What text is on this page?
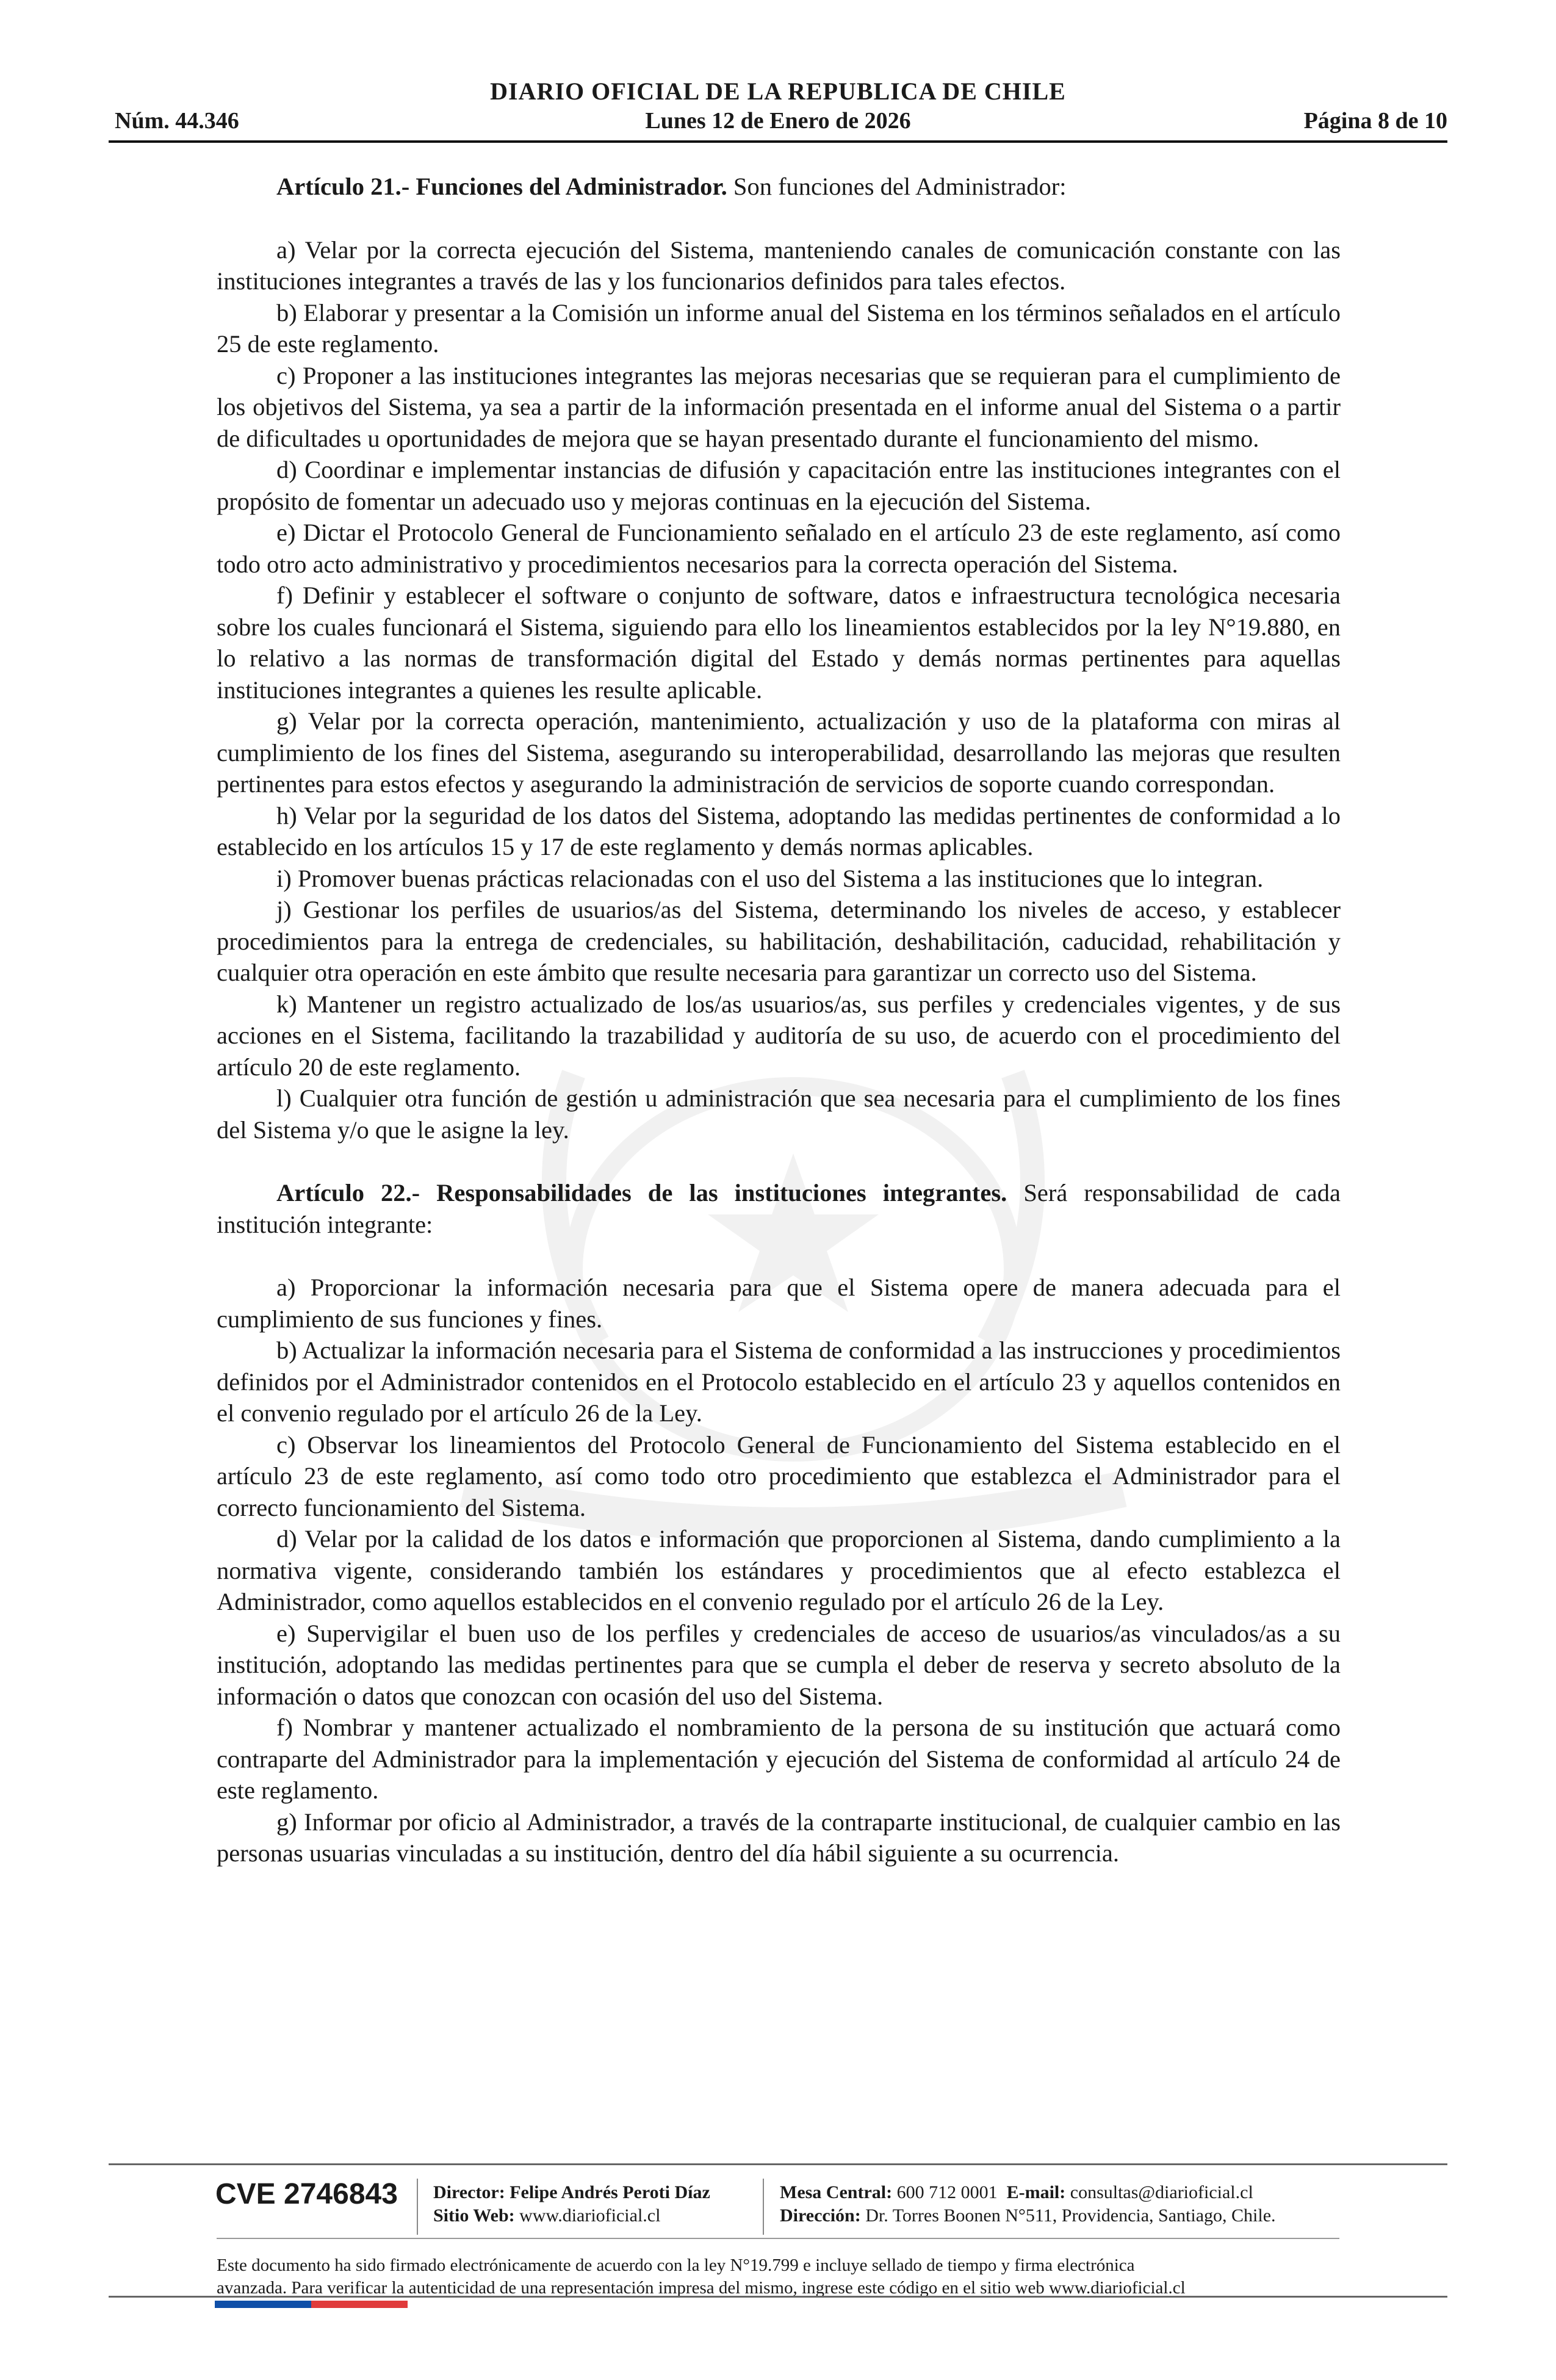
DIARIO OFICIAL DE LA REPUBLICA DE CHILE
Núm. 44.346	Lunes 12 de Enero de 2026	Página 8 de 10

Artículo 21.- Funciones del Administrador. Son funciones del Administrador:

a) Velar por la correcta ejecución del Sistema, manteniendo canales de comunicación constante con las instituciones integrantes a través de las y los funcionarios definidos para tales efectos.

b) Elaborar y presentar a la Comisión un informe anual del Sistema en los términos señalados en el artículo 25 de este reglamento.

c) Proponer a las instituciones integrantes las mejoras necesarias que se requieran para el cumplimiento de los objetivos del Sistema, ya sea a partir de la información presentada en el informe anual del Sistema o a partir de dificultades u oportunidades de mejora que se hayan presentado durante el funcionamiento del mismo.

d) Coordinar e implementar instancias de difusión y capacitación entre las instituciones integrantes con el propósito de fomentar un adecuado uso y mejoras continuas en la ejecución del Sistema.

e) Dictar el Protocolo General de Funcionamiento señalado en el artículo 23 de este reglamento, así como todo otro acto administrativo y procedimientos necesarios para la correcta operación del Sistema.

f) Definir y establecer el software o conjunto de software, datos e infraestructura tecnológica necesaria sobre los cuales funcionará el Sistema, siguiendo para ello los lineamientos establecidos por la ley N°19.880, en lo relativo a las normas de transformación digital del Estado y demás normas pertinentes para aquellas instituciones integrantes a quienes les resulte aplicable.

g) Velar por la correcta operación, mantenimiento, actualización y uso de la plataforma con miras al cumplimiento de los fines del Sistema, asegurando su interoperabilidad, desarrollando las mejoras que resulten pertinentes para estos efectos y asegurando la administración de servicios de soporte cuando correspondan.

h) Velar por la seguridad de los datos del Sistema, adoptando las medidas pertinentes de conformidad a lo establecido en los artículos 15 y 17 de este reglamento y demás normas aplicables.

i) Promover buenas prácticas relacionadas con el uso del Sistema a las instituciones que lo integran.

j) Gestionar los perfiles de usuarios/as del Sistema, determinando los niveles de acceso, y establecer procedimientos para la entrega de credenciales, su habilitación, deshabilitación, caducidad, rehabilitación y cualquier otra operación en este ámbito que resulte necesaria para garantizar un correcto uso del Sistema.

k) Mantener un registro actualizado de los/as usuarios/as, sus perfiles y credenciales vigentes, y de sus acciones en el Sistema, facilitando la trazabilidad y auditoría de su uso, de acuerdo con el procedimiento del artículo 20 de este reglamento.

l) Cualquier otra función de gestión u administración que sea necesaria para el cumplimiento de los fines del Sistema y/o que le asigne la ley.

Artículo 22.- Responsabilidades de las instituciones integrantes. Será responsabilidad de cada institución integrante:

a) Proporcionar la información necesaria para que el Sistema opere de manera adecuada para el cumplimiento de sus funciones y fines.

b) Actualizar la información necesaria para el Sistema de conformidad a las instrucciones y procedimientos definidos por el Administrador contenidos en el Protocolo establecido en el artículo 23 y aquellos contenidos en el convenio regulado por el artículo 26 de la Ley.

c) Observar los lineamientos del Protocolo General de Funcionamiento del Sistema establecido en el artículo 23 de este reglamento, así como todo otro procedimiento que establezca el Administrador para el correcto funcionamiento del Sistema.

d) Velar por la calidad de los datos e información que proporcionen al Sistema, dando cumplimiento a la normativa vigente, considerando también los estándares y procedimientos que al efecto establezca el Administrador, como aquellos establecidos en el convenio regulado por el artículo 26 de la Ley.

e) Supervigilar el buen uso de los perfiles y credenciales de acceso de usuarios/as vinculados/as a su institución, adoptando las medidas pertinentes para que se cumpla el deber de reserva y secreto absoluto de la información o datos que conozcan con ocasión del uso del Sistema.

f) Nombrar y mantener actualizado el nombramiento de la persona de su institución que actuará como contraparte del Administrador para la implementación y ejecución del Sistema de conformidad al artículo 24 de este reglamento.

g) Informar por oficio al Administrador, a través de la contraparte institucional, de cualquier cambio en las personas usuarias vinculadas a su institución, dentro del día hábil siguiente a su ocurrencia.

CVE 2746843 Director: Felipe Andrés Peroti Díaz
Sitio Web: www.diarioficial.cl
Mesa Central: 600 712 0001 E-mail: consultas@diarioficial.cl
Dirección: Dr. Torres Boonen N°511, Providencia, Santiago, Chile.
Este documento ha sido firmado electrónicamente de acuerdo con la ley N°19.799 e incluye sellado de tiempo y firma electrónica
avanzada. Para verificar la autenticidad de una representación impresa del mismo, ingrese este código en el sitio web www.diarioficial.cl
